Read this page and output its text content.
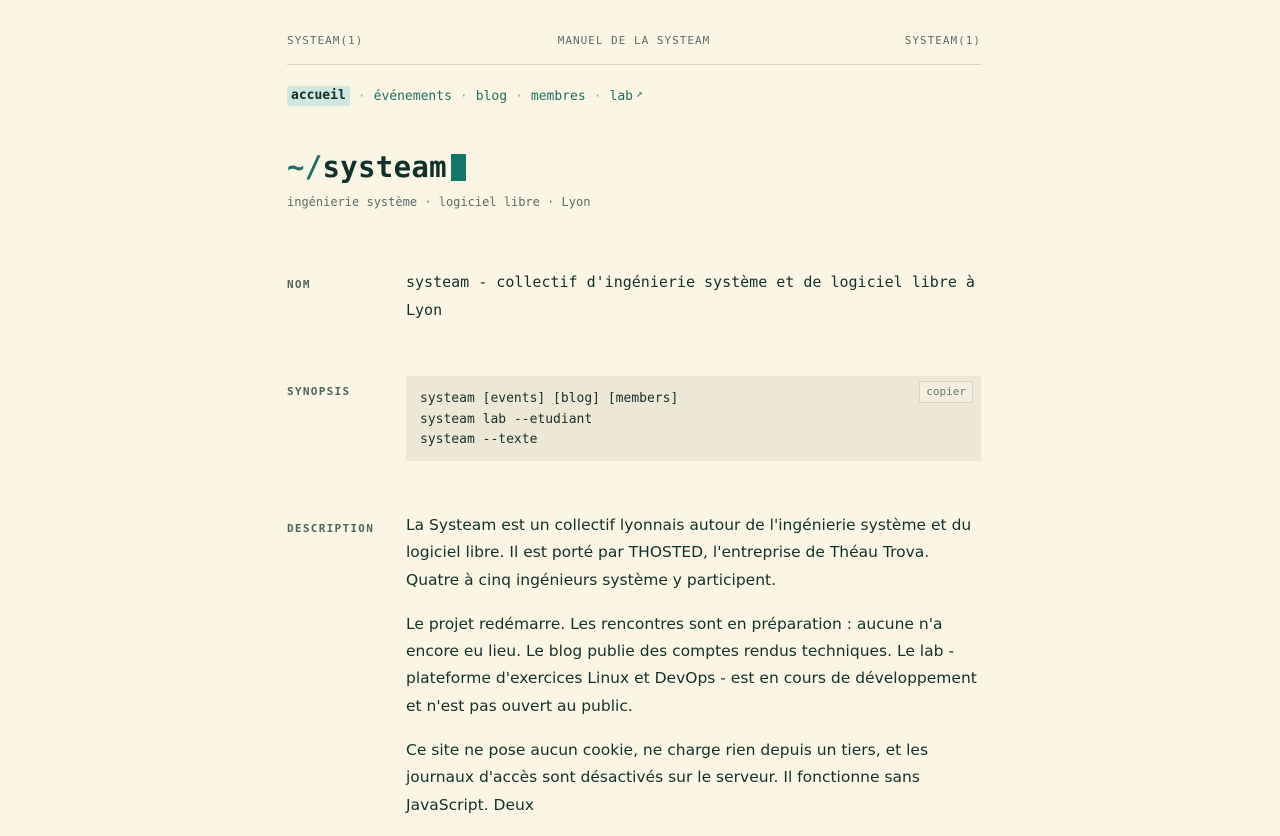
SYSTEAM(1)	MANUEL DE LA SYSTEAM	SYSTEAM(1)
accueil · événements · blog · membres · lab ↗
~/ systeam
ingénierie système · logiciel libre · Lyon
NOM	systeam - collectif d'ingénierie système et de logiciel libre à Lyon
SYNOPSIS	systeam [events] [blog] [members]
systeam lab --etudiant
systeam --texte
copier
DESCRIPTION La Systeam est un collectif lyonnais autour de l'ingénierie système et du logiciel libre. Il est porté par THOSTED, l'entreprise de Théau Trova. Quatre à cinq ingénieurs système y participent.

Le projet redémarre. Les rencontres sont en préparation : aucune n'a encore eu lieu. Le blog publie des comptes rendus techniques. Le lab - plateforme d'exercices Linux et DevOps - est en cours de développement et n'est pas ouvert au public.

Ce site ne pose aucun cookie, ne charge rien depuis un tiers, et les journaux d'accès sont désactivés sur le serveur. Il fonctionne sans JavaScript. Deux
